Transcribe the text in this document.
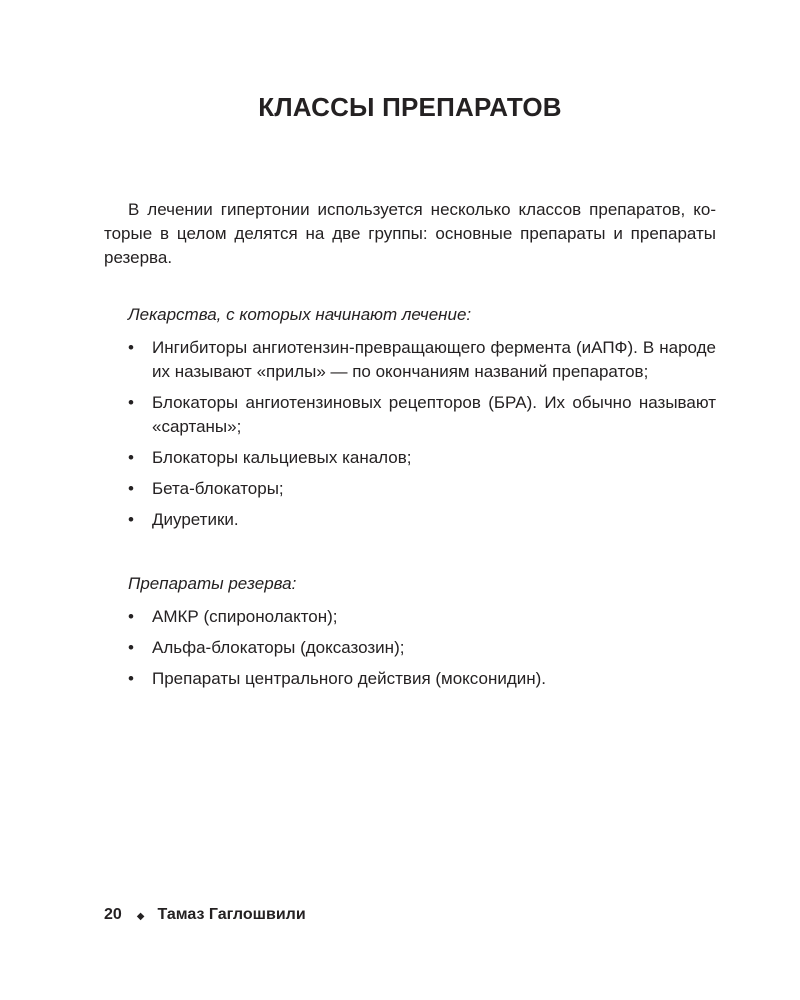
КЛАССЫ ПРЕПАРАТОВ

В лечении гипертонии используется несколько классов препаратов, которые в целом делятся на две группы: основные препараты и препараты резерва.

Лекарства, с которых начинают лечение:

•	Ингибиторы ангиотензин-превращающего фермента (иАПФ). В народе их называют «прилы» — по окончаниям названий препаратов;
•	Блокаторы ангиотензиновых рецепторов (БРА). Их обычно называют «сартаны»;
•	Блокаторы кальциевых каналов;
•	Бета-блокаторы;
•	Диуретики.

Препараты резерва:

•	АМКР (спиронолактон);
•	Альфа-блокаторы (доксазозин);
•	Препараты центрального действия (моксонидин).
20 ◆ Тамаз Гаглошвили
